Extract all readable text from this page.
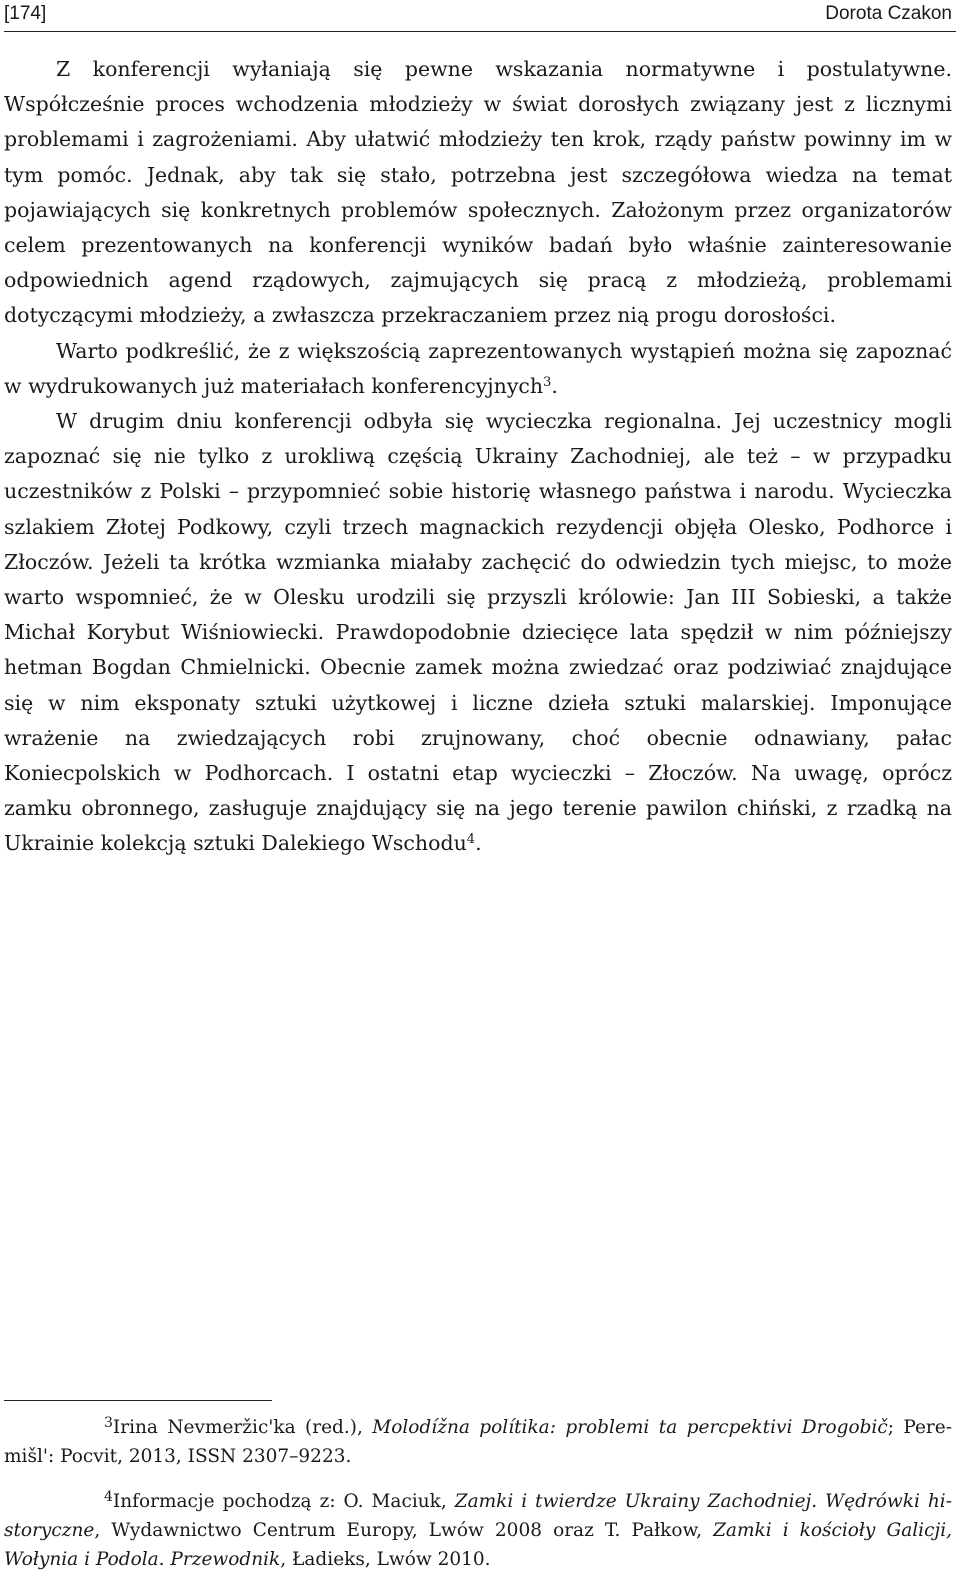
[174]	Dorota Czakon

Z konferencji wyłaniają się pewne wskazania normatywne i postulatywne. Współcześnie proces wchodzenia młodzieży w świat dorosłych związany jest z licznymi problemami i zagrożeniami. Aby ułatwić młodzieży ten krok, rządy państw powinny im w tym pomóc. Jednak, aby tak się stało, potrzebna jest szczegółowa wiedza na temat pojawiających się konkretnych problemów społecznych. Założonym przez organizatorów celem prezentowanych na konferencji wyników badań było właśnie zainteresowanie odpowiednich agend rządowych, zajmujących się pracą z młodzieżą, problemami dotyczącymi młodzieży, a zwłaszcza przekraczaniem przez nią progu dorosłości.

Warto podkreślić, że z większością zaprezentowanych wystąpień można się zapoznać w wydrukowanych już materiałach konferencyjnych$^3$.

W drugim dniu konferencji odbyła się wycieczka regionalna. Jej uczestnicy mogli zapoznać się nie tylko z urokliwą częścią Ukrainy Zachodniej, ale też – w przypadku uczestników z Polski – przypomnieć sobie historię własnego państwa i narodu. Wycieczka szlakiem Złotej Podkowy, czyli trzech magnackich rezydencji objęła Olesko, Podhorce i Złoczów. Jeżeli ta krótka wzmianka miałaby zachęcić do odwiedzin tych miejsc, to może warto wspomnieć, że w Olesku urodzili się przyszli królowie: Jan III Sobieski, a także Michał Korybut Wiśniowiecki. Prawdopodobnie dziecięce lata spędził w nim późniejszy hetman Bogdan Chmielnicki. Obecnie zamek można zwiedzać oraz podziwiać znajdujące się w nim eksponaty sztuki użytkowej i liczne dzieła sztuki malarskiej. Imponujące wrażenie na zwiedzających robi zrujnowany, choć obecnie odnawiany, pałac Koniecpolskich w Podhorcach. I ostatni etap wycieczki – Złoczów. Na uwagę, oprócz zamku obronnego, zasługuje znajdujący się na jego terenie pawilon chiński, z rzadką na Ukrainie kolekcją sztuki Dalekiego Wschodu$^4$.

3Irina Nevmeržic'ka (red.), Molodížna polítika: problemi ta percpektivi Drogobič; Peremišl': Pocvit, 2013, ISSN 2307–9223.

4Informacje pochodzą z: O. Maciuk, Zamki i twierdze Ukrainy Zachodniej. Wędrówki historyczne, Wydawnictwo Centrum Europy, Lwów 2008 oraz T. Pałkow, Zamki i kościoły Galicji, Wołynia i Podola. Przewodnik, Ładieks, Lwów 2010.
